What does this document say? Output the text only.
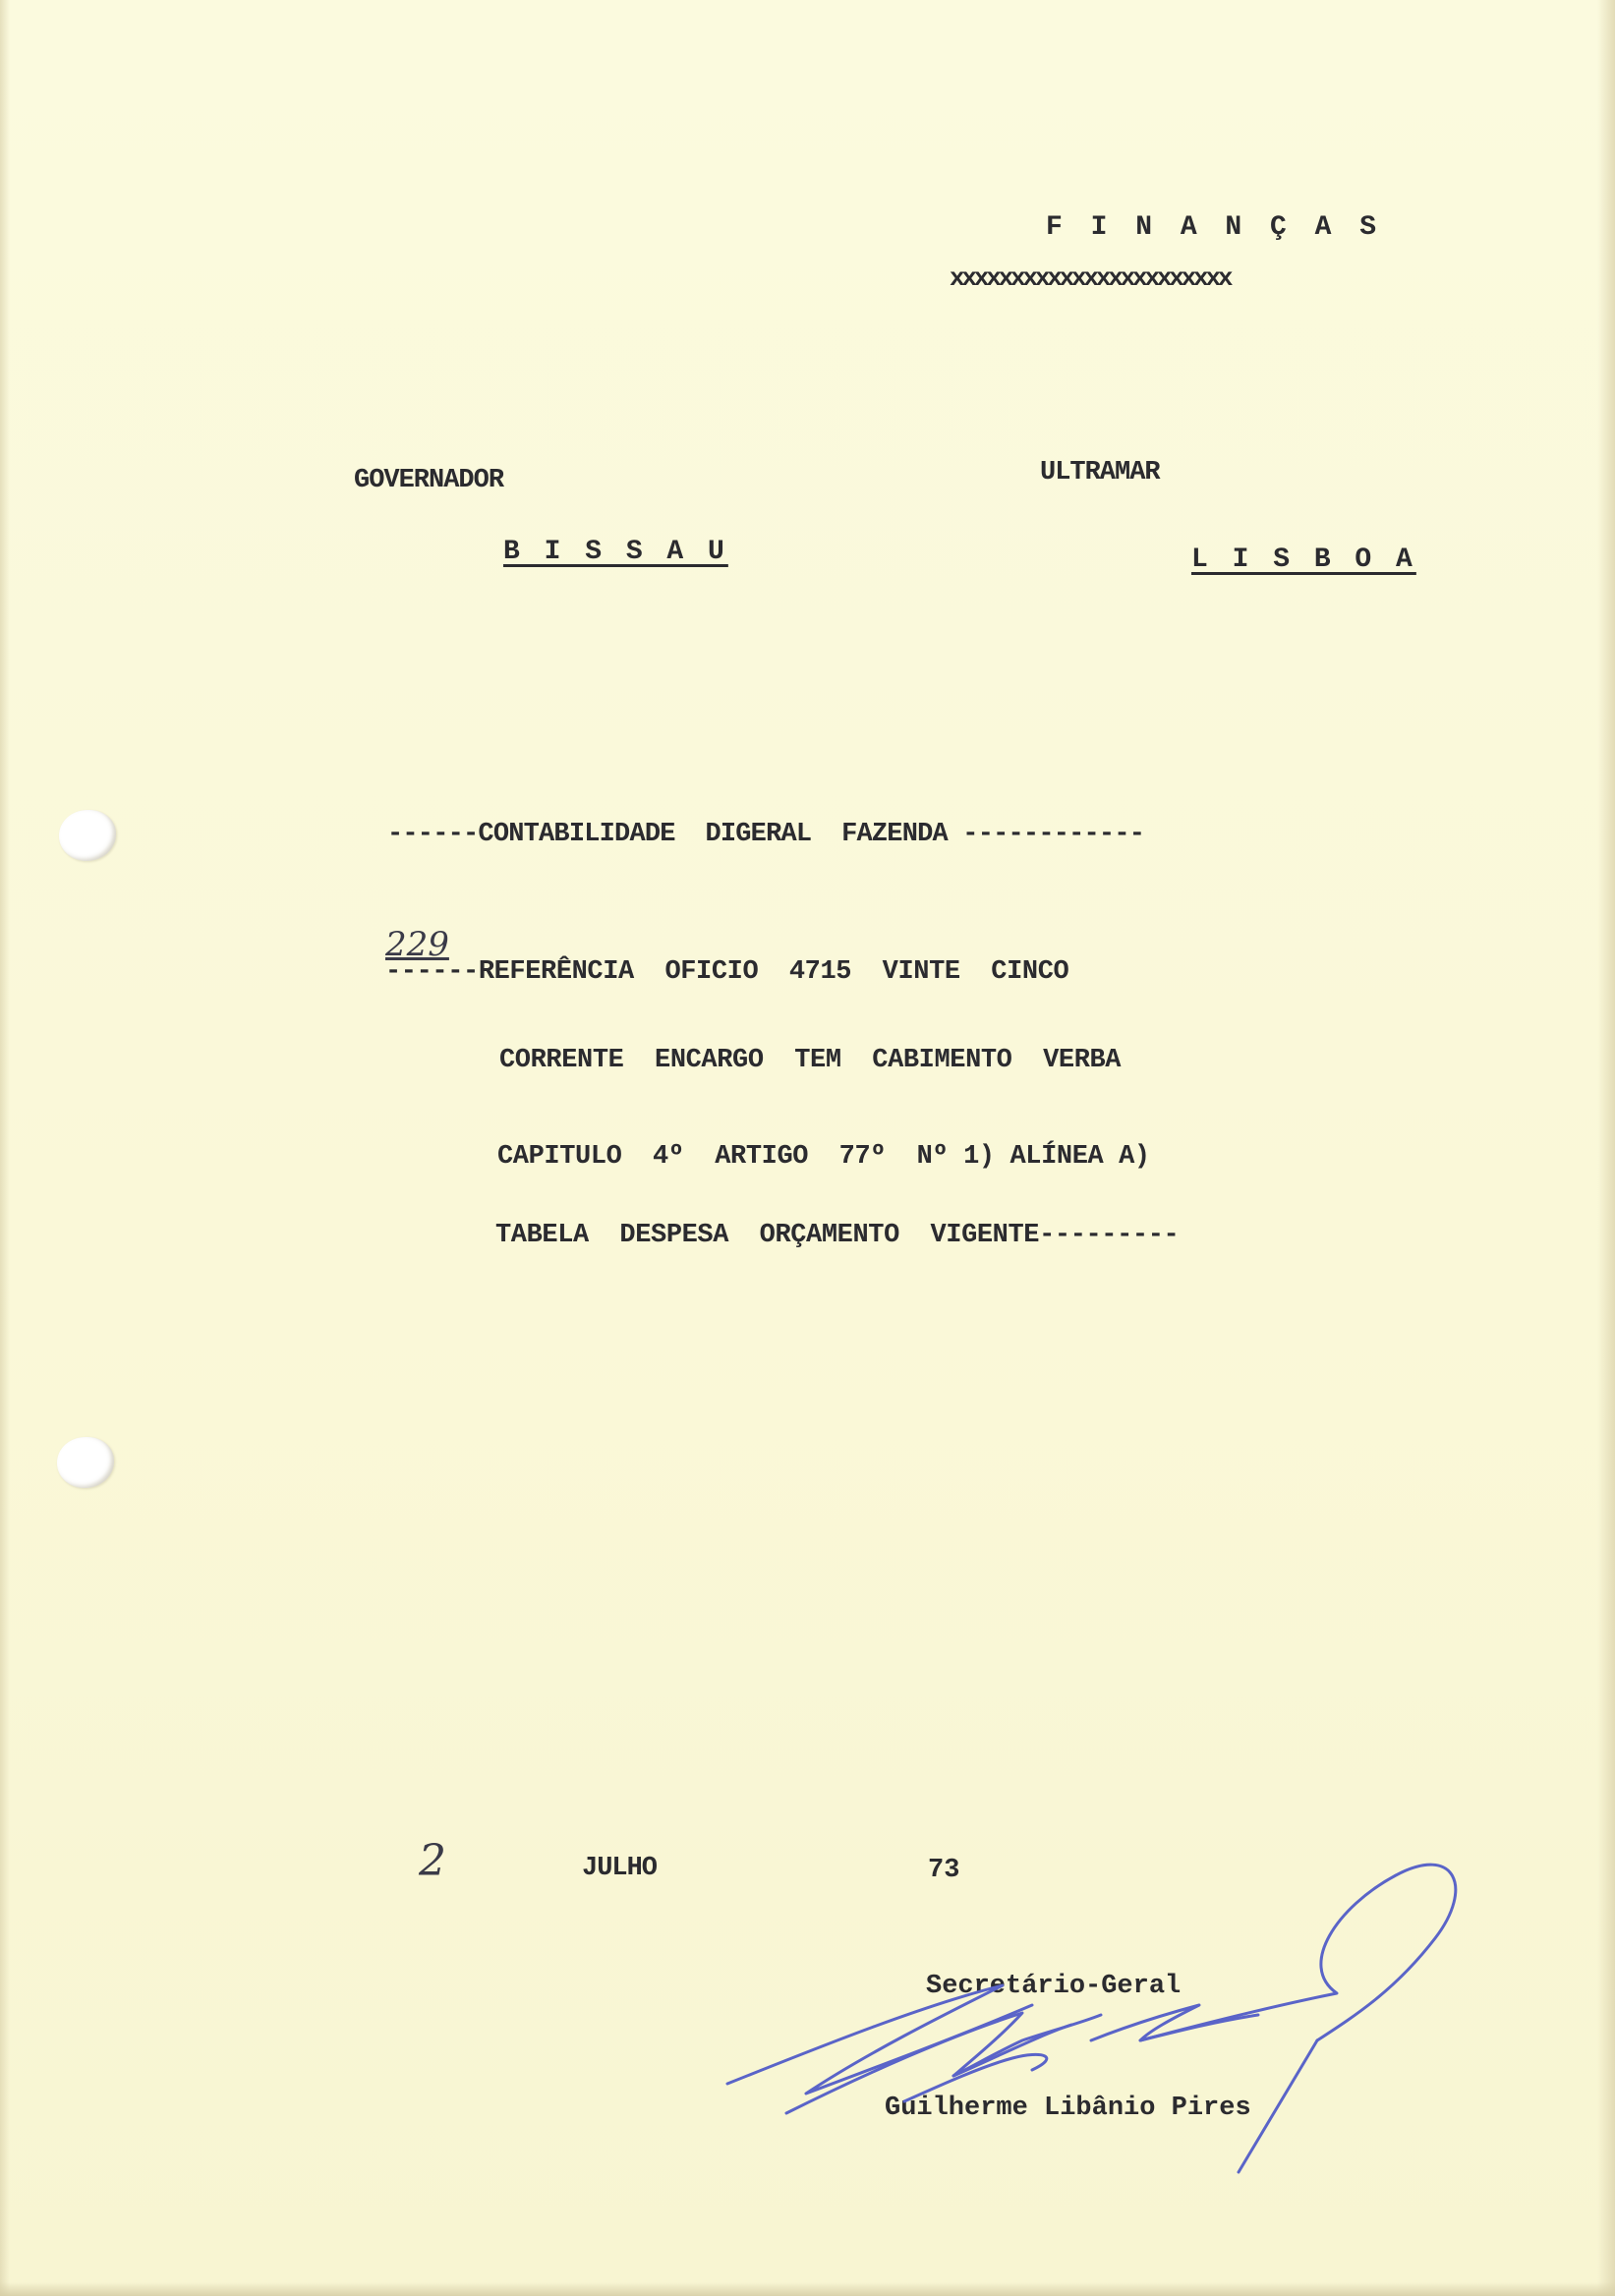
F I N A N Ç A S
xxxxxxxxxxxxxxxxxxxxxxx
GOVERNADOR
B I S S A U
ULTRAMAR
L I S B O A
------CONTABILIDADE  DIGERAL  FAZENDA ------------
229
------REFERÊNCIA  OFICIO  4715  VINTE  CINCO
CORRENTE  ENCARGO  TEM  CABIMENTO  VERBA
CAPITULO  4º  ARTIGO  77º  Nº 1) ALÍNEA A)
TABELA  DESPESA  ORÇAMENTO  VIGENTE---------
2	JULHO	73
Secretário-Geral
Guilherme Libânio Pires
